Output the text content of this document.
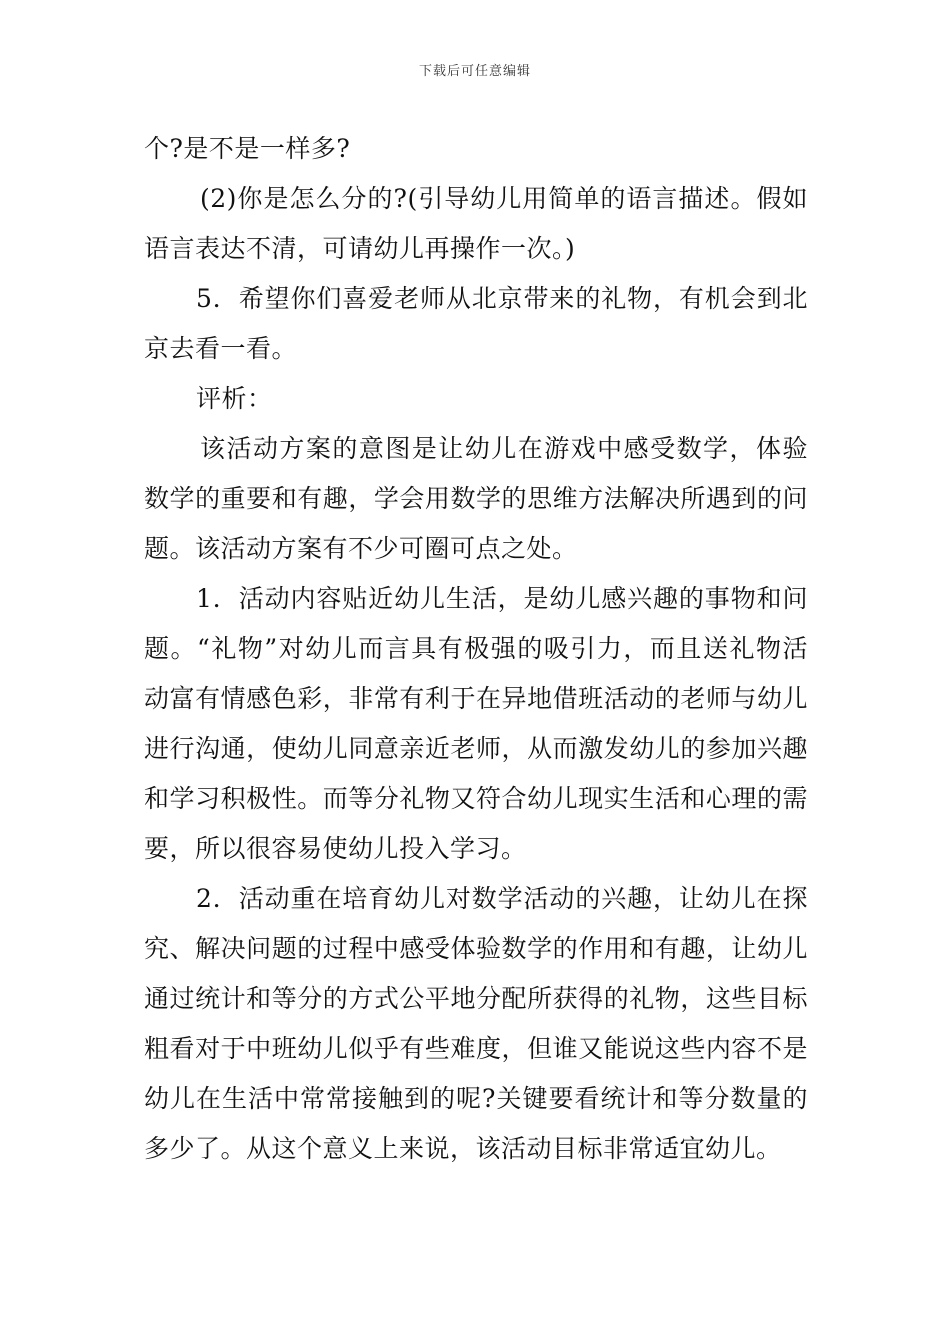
下载后可任意编辑

个?是不是一样多?

(2)你是怎么分的?(引导幼儿用简单的语言描述。假如语言表达不清，可请幼儿再操作一次。)

5．希望你们喜爱老师从北京带来的礼物，有机会到北京去看一看。

评析：

该活动方案的意图是让幼儿在游戏中感受数学，体验数学的重要和有趣，学会用数学的思维方法解决所遇到的问题。该活动方案有不少可圈可点之处。

1．活动内容贴近幼儿生活，是幼儿感兴趣的事物和问题。“礼物”对幼儿而言具有极强的吸引力，而且送礼物活动富有情感色彩，非常有利于在异地借班活动的老师与幼儿进行沟通，使幼儿同意亲近老师，从而激发幼儿的参加兴趣和学习积极性。而等分礼物又符合幼儿现实生活和心理的需要，所以很容易使幼儿投入学习。

2．活动重在培育幼儿对数学活动的兴趣，让幼儿在探究、解决问题的过程中感受体验数学的作用和有趣，让幼儿通过统计和等分的方式公平地分配所获得的礼物，这些目标粗看对于中班幼儿似乎有些难度，但谁又能说这些内容不是幼儿在生活中常常接触到的呢?关键要看统计和等分数量的多少了。从这个意义上来说，该活动目标非常适宜幼儿。
